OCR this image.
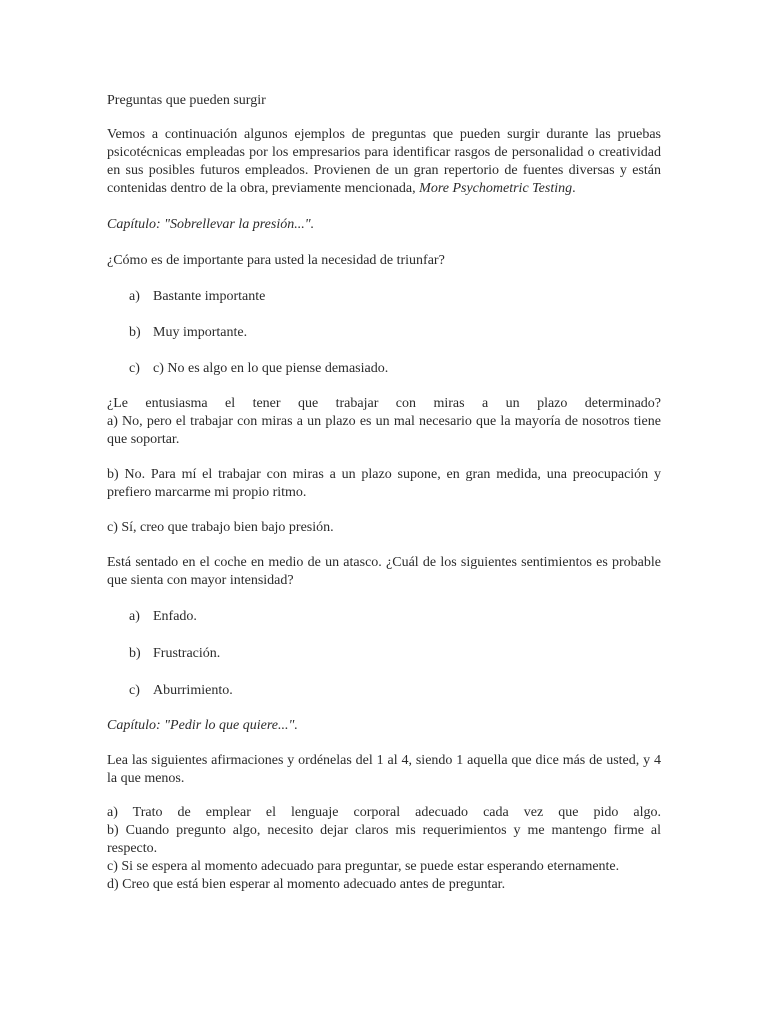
Preguntas que pueden surgir

Vemos a continuación algunos ejemplos de preguntas que pueden surgir durante las pruebas psicotécnicas empleadas por los empresarios para identificar rasgos de personalidad o creatividad en sus posibles futuros empleados. Provienen de un gran repertorio de fuentes diversas y están contenidas dentro de la obra, previamente mencionada, More Psychometric Testing.

Capítulo: "Sobrellevar la presión...".

¿Cómo es de importante para usted la necesidad de triunfar?

a) Bastante importante
b) Muy importante.
c) c) No es algo en lo que piense demasiado.

¿Le entusiasma el tener que trabajar con miras a un plazo determinado?

a) No, pero el trabajar con miras a un plazo es un mal necesario que la mayoría de nosotros tiene que soportar.

b) No. Para mí el trabajar con miras a un plazo supone, en gran medida, una preocupación y prefiero marcarme mi propio ritmo.

c) Sí, creo que trabajo bien bajo presión.

Está sentado en el coche en medio de un atasco. ¿Cuál de los siguientes sentimientos es probable que sienta con mayor intensidad?

a) Enfado.
b) Frustración.
c) Aburrimiento.

Capítulo: "Pedir lo que quiere...".

Lea las siguientes afirmaciones y ordénelas del 1 al 4, siendo 1 aquella que dice más de usted, y 4 la que menos.

a) Trato de emplear el lenguaje corporal adecuado cada vez que pido algo.

b) Cuando pregunto algo, necesito dejar claros mis requerimientos y me mantengo firme al respecto.

c) Si se espera al momento adecuado para preguntar, se puede estar esperando eternamente.

d) Creo que está bien esperar al momento adecuado antes de preguntar.
